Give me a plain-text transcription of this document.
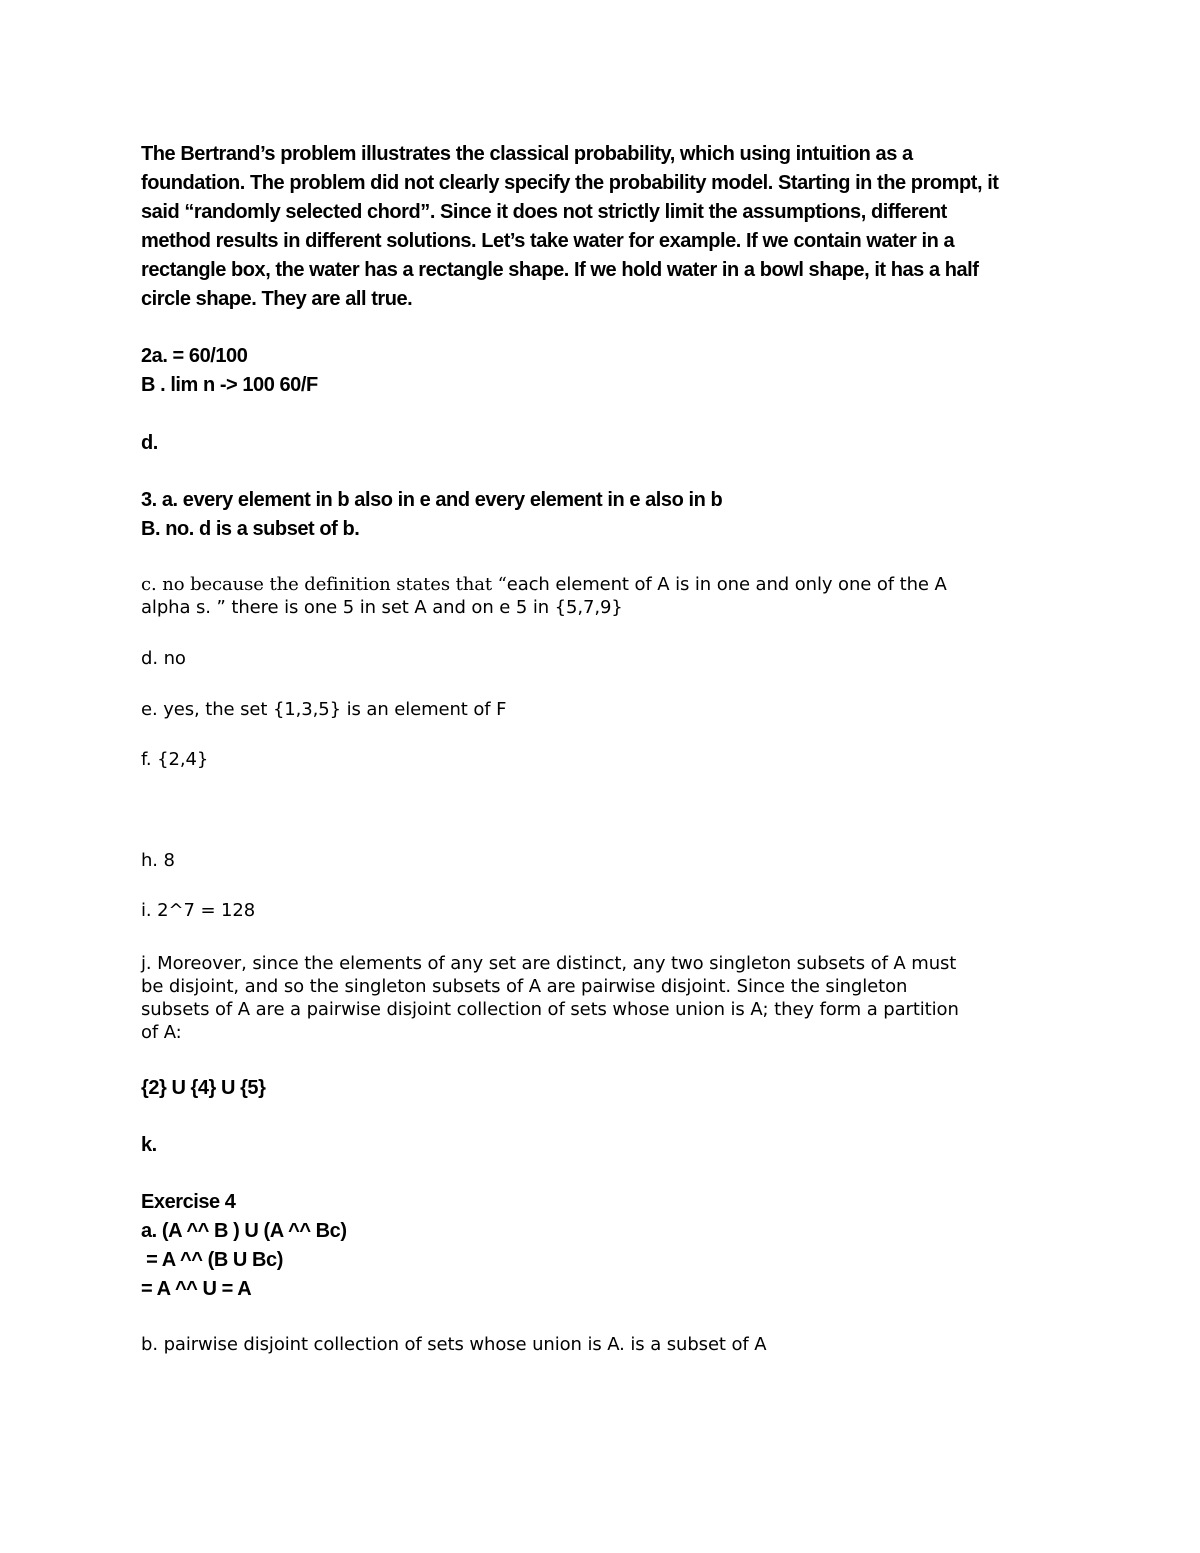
The Bertrand’s problem illustrates the classical probability, which using intuition as a

foundation. The problem did not clearly specify the probability model. Starting in the prompt, it

said “randomly selected chord”. Since it does not strictly limit the assumptions, different

method results in different solutions. Let’s take water for example. If we contain water in a

rectangle box, the water has a rectangle shape. If we hold water in a bowl shape, it has a half

circle shape. They are all true.

2a. = 60/100

B . lim n -> 100 60/F

d.

3. a. every element in b also in e and every element in e also in b

B. no. d is a subset of b.

c. no because the definition states that “each element of A is in one and only one of the A

alpha s. ” there is one 5 in set A and on e 5 in {5,7,9}

d. no

e. yes, the set {1,3,5} is an element of F

f. {2,4}

h. 8

i. 2^7 = 128

j. Moreover, since the elements of any set are distinct, any two singleton subsets of A must

be disjoint, and so the singleton subsets of A are pairwise disjoint. Since the singleton

subsets of A are a pairwise disjoint collection of sets whose union is A; they form a partition

of A:

{2} U {4} U {5}

k.

Exercise 4

a. (A ^^ B ) U (A ^^ Bc)

= A ^^ (B U Bc)

= A ^^ U = A

b. pairwise disjoint collection of sets whose union is A. is a subset of A
